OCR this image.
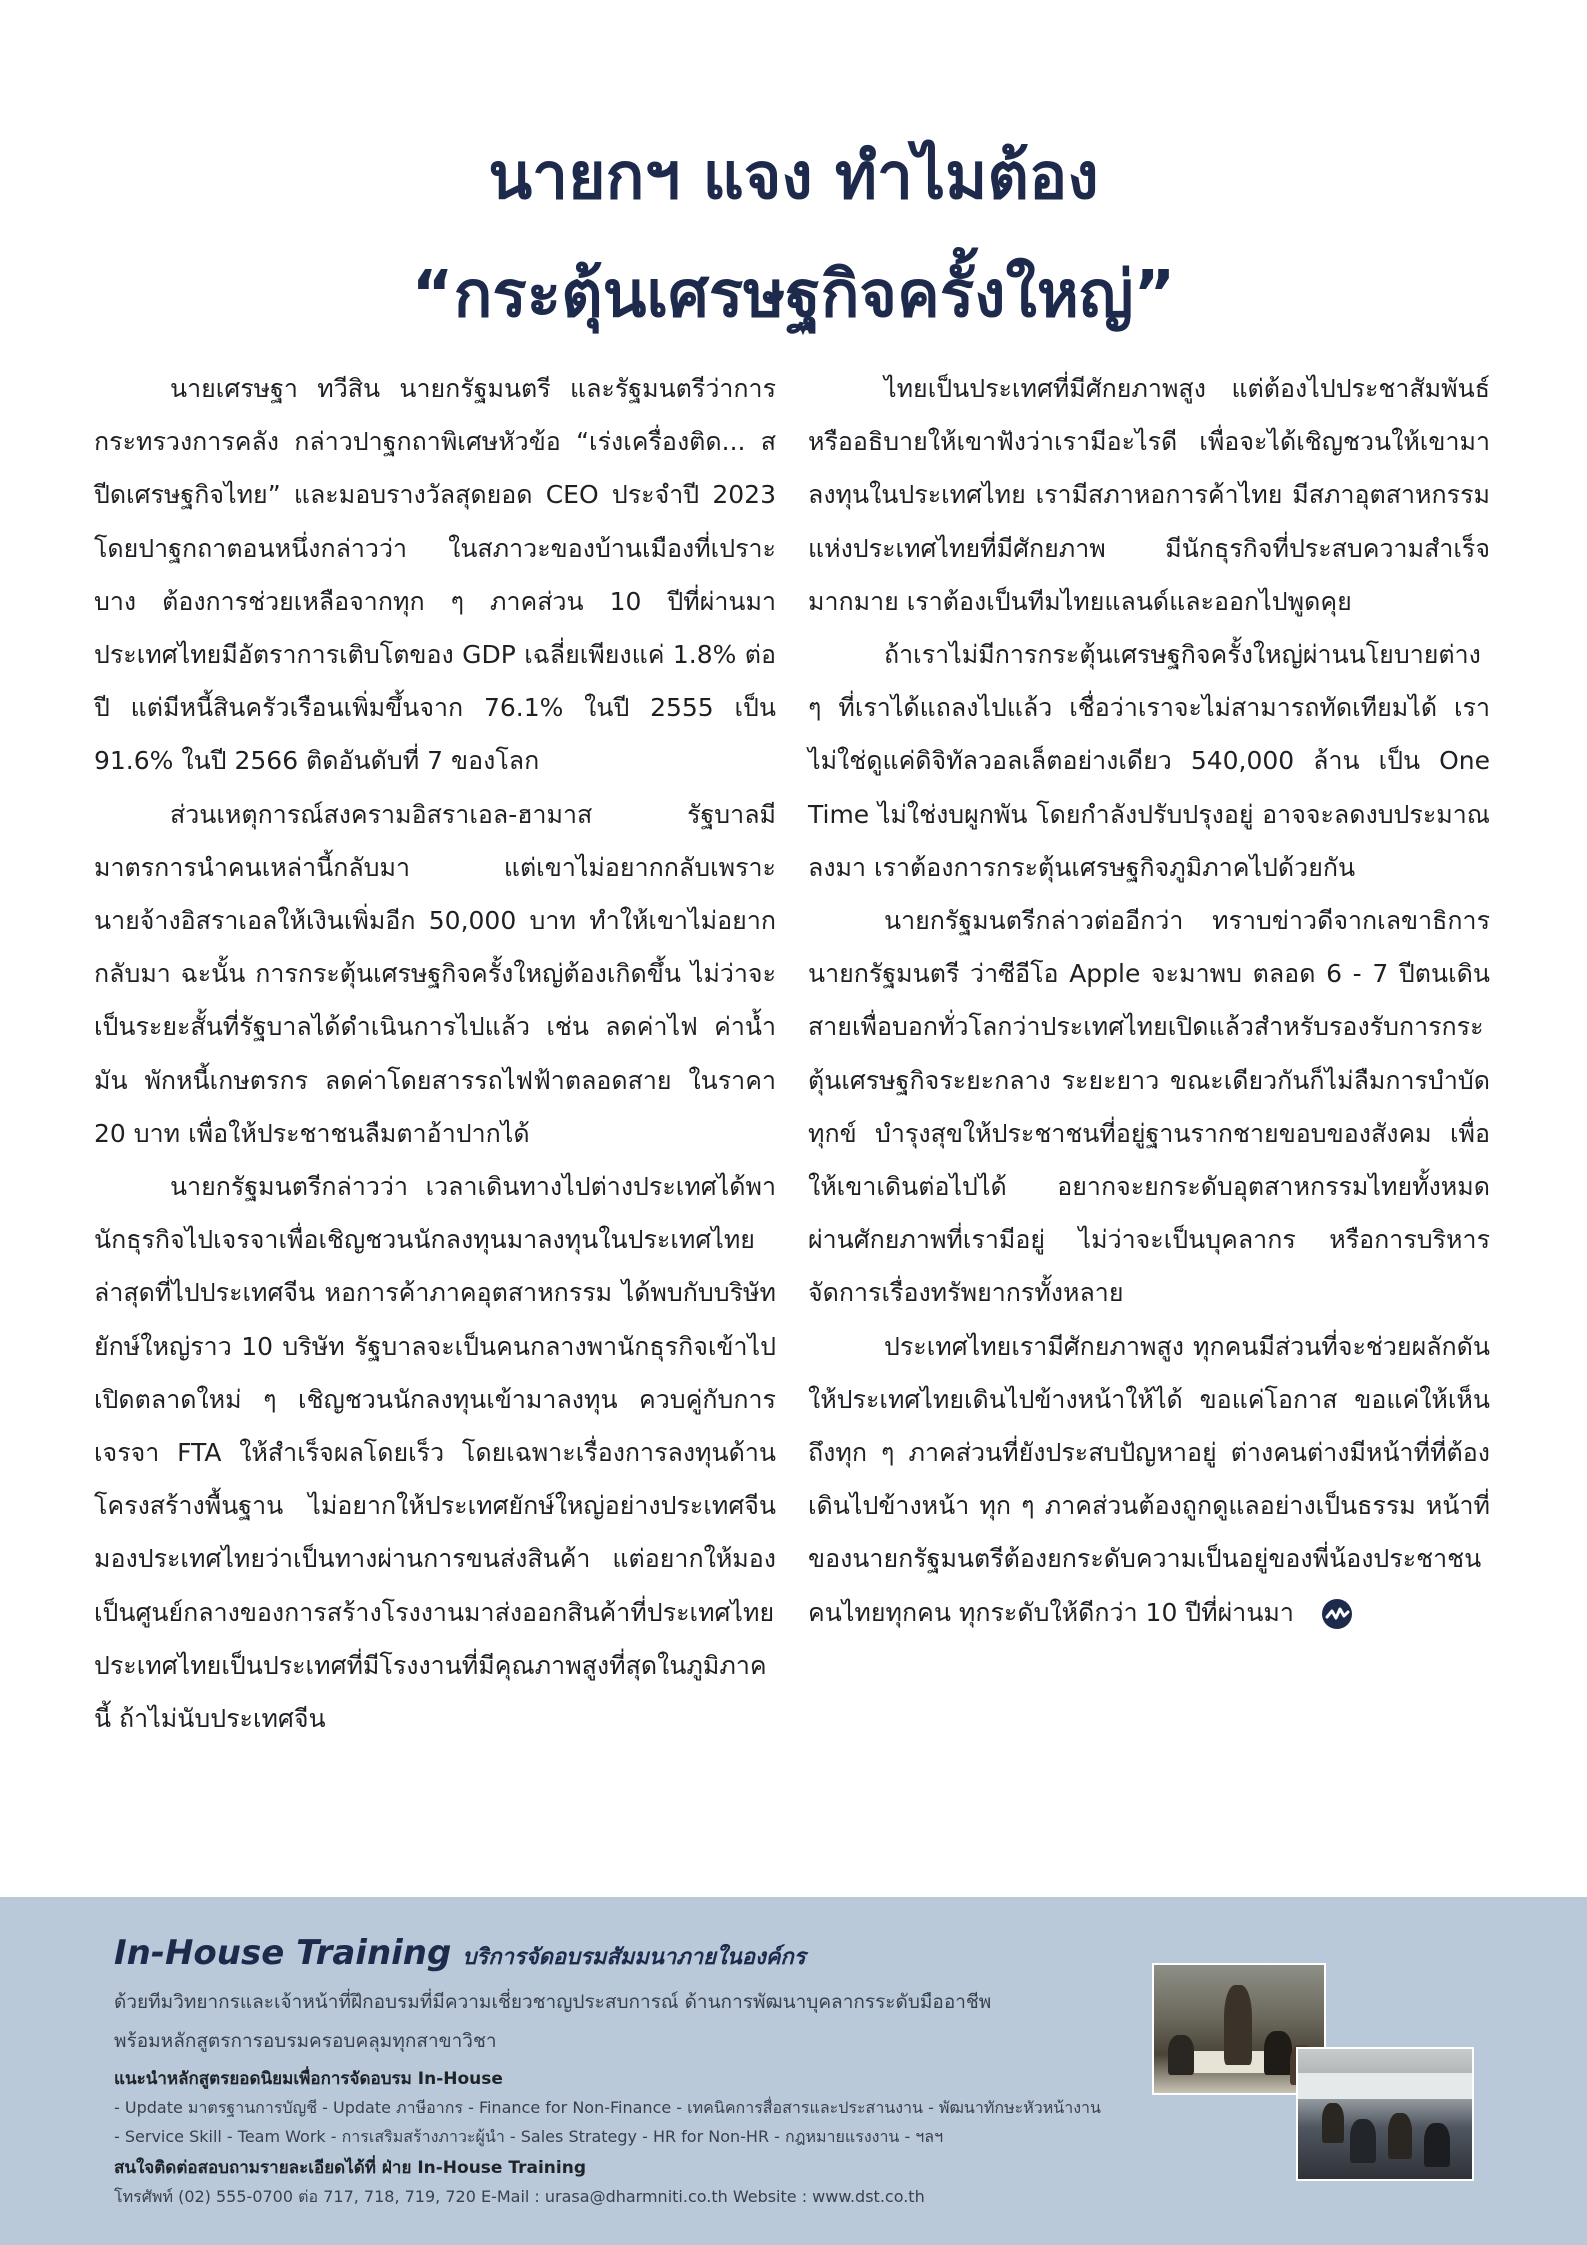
นายกฯ แจง ทำไมต้อง
“กระตุ้นเศรษฐกิจครั้งใหญ่”

นายเศรษฐา ทวีสิน นายกรัฐมนตรี และรัฐมนตรีว่าการกระทรวงการคลัง กล่าวปาฐกถาพิเศษหัวข้อ “เร่งเครื่องติด... สปีดเศรษฐกิจไทย” และมอบรางวัลสุดยอด CEO ประจำปี 2023 โดยปาฐกถาตอนหนึ่งกล่าวว่า ในสภาวะของบ้านเมืองที่เปราะบาง ต้องการช่วยเหลือจากทุก ๆ ภาคส่วน 10 ปีที่ผ่านมา ประเทศไทยมีอัตราการเติบโตของ GDP เฉลี่ยเพียงแค่ 1.8% ต่อปี แต่มีหนี้สินครัวเรือนเพิ่มขึ้นจาก 76.1% ในปี 2555 เป็น 91.6% ในปี 2566 ติดอันดับที่ 7 ของโลก

ส่วนเหตุการณ์สงครามอิสราเอล-ฮามาส รัฐบาลมีมาตรการนำคนเหล่านี้กลับมา แต่เขาไม่อยากกลับเพราะนายจ้างอิสราเอลให้เงินเพิ่มอีก 50,000 บาท ทำให้เขาไม่อยากกลับมา ฉะนั้น การกระตุ้นเศรษฐกิจครั้งใหญ่ต้องเกิดขึ้น ไม่ว่าจะเป็นระยะสั้นที่รัฐบาลได้ดำเนินการไปแล้ว เช่น ลดค่าไฟ ค่าน้ำมัน พักหนี้เกษตรกร ลดค่าโดยสารรถไฟฟ้าตลอดสาย ในราคา 20 บาท เพื่อให้ประชาชนลืมตาอ้าปากได้

นายกรัฐมนตรีกล่าวว่า เวลาเดินทางไปต่างประเทศได้พานักธุรกิจไปเจรจาเพื่อเชิญชวนนักลงทุนมาลงทุนในประเทศไทย ล่าสุดที่ไปประเทศจีน หอการค้าภาคอุตสาหกรรม ได้พบกับบริษัทยักษ์ใหญ่ราว 10 บริษัท รัฐบาลจะเป็นคนกลางพานักธุรกิจเข้าไปเปิดตลาดใหม่ ๆ เชิญชวนนักลงทุนเข้ามาลงทุน ควบคู่กับการเจรจา FTA ให้สำเร็จผลโดยเร็ว โดยเฉพาะเรื่องการลงทุนด้านโครงสร้างพื้นฐาน ไม่อยากให้ประเทศยักษ์ใหญ่อย่างประเทศจีนมองประเทศไทยว่าเป็นทางผ่านการขนส่งสินค้า แต่อยากให้มองเป็นศูนย์กลางของการสร้างโรงงานมาส่งออกสินค้าที่ประเทศไทย ประเทศไทยเป็นประเทศที่มีโรงงานที่มีคุณภาพสูงที่สุดในภูมิภาคนี้ ถ้าไม่นับประเทศจีน

ไทยเป็นประเทศที่มีศักยภาพสูง แต่ต้องไปประชาสัมพันธ์หรืออธิบายให้เขาฟังว่าเรามีอะไรดี เพื่อจะได้เชิญชวนให้เขามาลงทุนในประเทศไทย เรามีสภาหอการค้าไทย มีสภาอุตสาหกรรมแห่งประเทศไทยที่มีศักยภาพ มีนักธุรกิจที่ประสบความสำเร็จมากมาย เราต้องเป็นทีมไทยแลนด์และออกไปพูดคุย

ถ้าเราไม่มีการกระตุ้นเศรษฐกิจครั้งใหญ่ผ่านนโยบายต่าง ๆ ที่เราได้แถลงไปแล้ว เชื่อว่าเราจะไม่สามารถทัดเทียมได้ เราไม่ใช่ดูแค่ดิจิทัลวอลเล็ตอย่างเดียว 540,000 ล้าน เป็น One Time ไม่ใช่งบผูกพัน โดยกำลังปรับปรุงอยู่ อาจจะลดงบประมาณลงมา เราต้องการกระตุ้นเศรษฐกิจภูมิภาคไปด้วยกัน

นายกรัฐมนตรีกล่าวต่ออีกว่า ทราบข่าวดีจากเลขาธิการนายกรัฐมนตรี ว่าซีอีโอ Apple จะมาพบ ตลอด 6 - 7 ปีตนเดินสายเพื่อบอกทั่วโลกว่าประเทศไทยเปิดแล้วสำหรับรองรับการกระตุ้นเศรษฐกิจระยะกลาง ระยะยาว ขณะเดียวกันก็ไม่ลืมการบำบัดทุกข์ บำรุงสุขให้ประชาชนที่อยู่ฐานรากชายขอบของสังคม เพื่อให้เขาเดินต่อไปได้ อยากจะยกระดับอุตสาหกรรมไทยทั้งหมดผ่านศักยภาพที่เรามีอยู่ ไม่ว่าจะเป็นบุคลากร หรือการบริหารจัดการเรื่องทรัพยากรทั้งหลาย

ประเทศไทยเรามีศักยภาพสูง ทุกคนมีส่วนที่จะช่วยผลักดันให้ประเทศไทยเดินไปข้างหน้าให้ได้ ขอแค่โอกาส ขอแค่ให้เห็นถึงทุก ๆ ภาคส่วนที่ยังประสบปัญหาอยู่ ต่างคนต่างมีหน้าที่ที่ต้องเดินไปข้างหน้า ทุก ๆ ภาคส่วนต้องถูกดูแลอย่างเป็นธรรม หน้าที่ของนายกรัฐมนตรีต้องยกระดับความเป็นอยู่ของพี่น้องประชาชนคนไทยทุกคน ทุกระดับให้ดีกว่า 10 ปีที่ผ่านมา

In-House Training บริการจัดอบรมสัมมนาภายในองค์กร
ด้วยทีมวิทยากรและเจ้าหน้าที่ฝึกอบรมที่มีความเชี่ยวชาญประสบการณ์ ด้านการพัฒนาบุคลากรระดับมืออาชีพ
พร้อมหลักสูตรการอบรมครอบคลุมทุกสาขาวิชา
แนะนำหลักสูตรยอดนิยมเพื่อการจัดอบรม In-House
- Update มาตรฐานการบัญชี - Update ภาษีอากร - Finance for Non-Finance - เทคนิคการสื่อสารและประสานงาน - พัฒนาทักษะหัวหน้างาน
- Service Skill - Team Work - การเสริมสร้างภาวะผู้นำ - Sales Strategy - HR for Non-HR - กฎหมายแรงงาน - ฯลฯ
สนใจติดต่อสอบถามรายละเอียดได้ที่ ฝ่าย In-House Training
โทรศัพท์ (02) 555-0700 ต่อ 717, 718, 719, 720 E-Mail : urasa@dharmniti.co.th Website : www.dst.co.th
